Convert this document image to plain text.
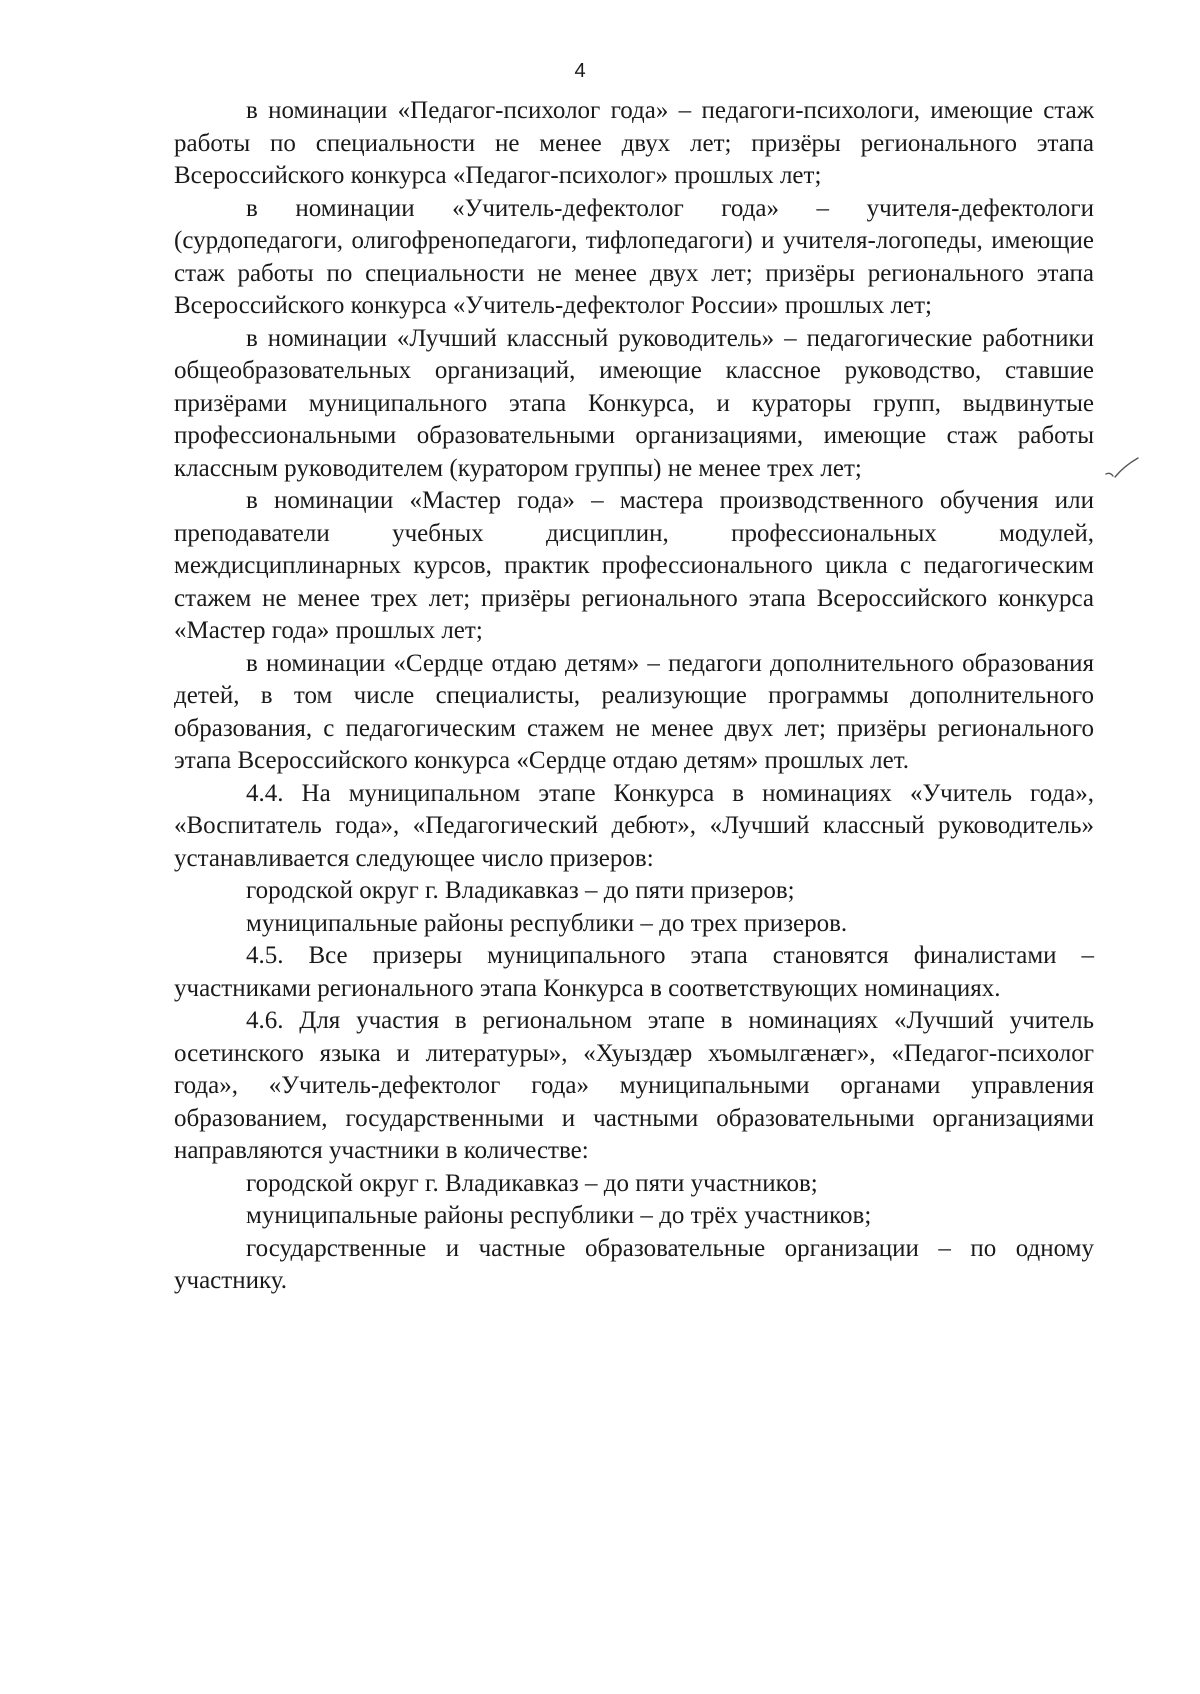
4

в номинации «Педагог-психолог года» – педагоги-психологи, имеющие стаж работы по специальности не менее двух лет; призёры регионального этапа Всероссийского конкурса «Педагог-психолог» прошлых лет;

в номинации «Учитель-дефектолог года» – учителя-дефектологи (сурдопедагоги, олигофренопедагоги, тифлопедагоги) и учителя-логопеды, имеющие стаж работы по специальности не менее двух лет; призёры регионального этапа Всероссийского конкурса «Учитель-дефектолог России» прошлых лет;

в номинации «Лучший классный руководитель» – педагогические работники общеобразовательных организаций, имеющие классное руководство, ставшие призёрами муниципального этапа Конкурса, и кураторы групп, выдвинутые профессиональными образовательными организациями, имеющие стаж работы классным руководителем (куратором группы) не менее трех лет;

в номинации «Мастер года» – мастера производственного обучения или преподаватели учебных дисциплин, профессиональных модулей, междисциплинарных курсов, практик профессионального цикла с педагогическим стажем не менее трех лет; призёры регионального этапа Всероссийского конкурса «Мастер года» прошлых лет;

в номинации «Сердце отдаю детям» – педагоги дополнительного образования детей, в том числе специалисты, реализующие программы дополнительного образования, с педагогическим стажем не менее двух лет; призёры регионального этапа Всероссийского конкурса «Сердце отдаю детям» прошлых лет.

4.4. На муниципальном этапе Конкурса в номинациях «Учитель года», «Воспитатель года», «Педагогический дебют», «Лучший классный руководитель» устанавливается следующее число призеров:

городской округ г. Владикавказ – до пяти призеров;

муниципальные районы республики – до трех призеров.

4.5. Все призеры муниципального этапа становятся финалистами – участниками регионального этапа Конкурса в соответствующих номинациях.

4.6. Для участия в региональном этапе в номинациях «Лучший учитель осетинского языка и литературы», «Хуыздæр хъомылгæнæг», «Педагог-психолог года», «Учитель-дефектолог года» муниципальными органами управления образованием, государственными и частными образовательными организациями направляются участники в количестве:

городской округ г. Владикавказ – до пяти участников;

муниципальные районы республики – до трёх участников;

государственные и частные образовательные организации – по одному участнику.
